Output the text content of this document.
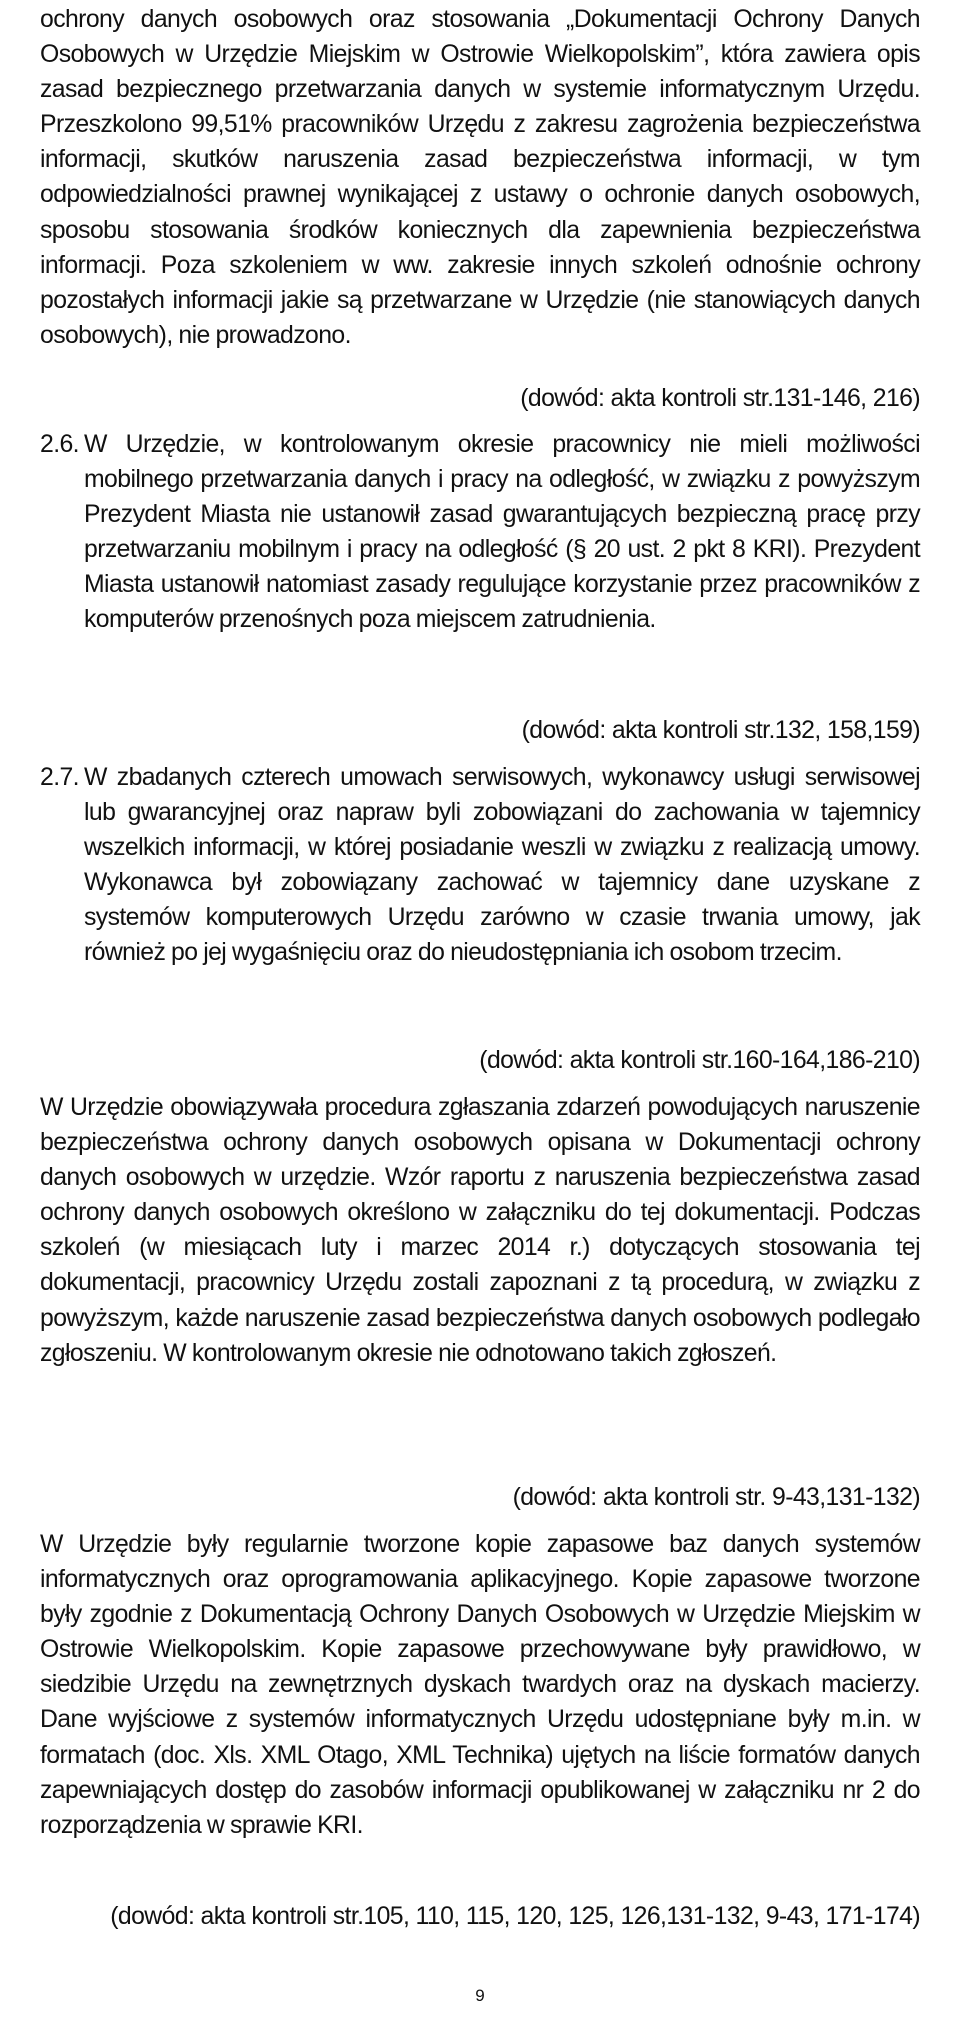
ochrony danych osobowych oraz stosowania „Dokumentacji Ochrony Danych Osobowych w Urzędzie Miejskim w Ostrowie Wielkopolskim”, która zawiera opis zasad bezpiecznego przetwarzania danych w systemie informatycznym Urzędu. Przeszkolono 99,51% pracowników Urzędu z zakresu zagrożenia bezpieczeństwa informacji, skutków naruszenia zasad bezpieczeństwa informacji, w tym odpowiedzialności prawnej wynikającej z ustawy o ochronie danych osobowych, sposobu stosowania środków koniecznych dla zapewnienia bezpieczeństwa informacji. Poza szkoleniem w ww. zakresie innych szkoleń odnośnie ochrony pozostałych informacji jakie są przetwarzane w Urzędzie (nie stanowiących danych osobowych), nie prowadzono.
(dowód: akta kontroli str.131-146, 216)
2.6. W Urzędzie, w kontrolowanym okresie pracownicy nie mieli możliwości mobilnego przetwarzania danych i pracy na odległość, w związku z powyższym Prezydent Miasta nie ustanowił zasad gwarantujących bezpieczną pracę przy przetwarzaniu mobilnym i pracy na odległość (§ 20 ust. 2 pkt 8 KRI). Prezydent Miasta ustanowił natomiast zasady regulujące korzystanie przez pracowników z komputerów przenośnych poza miejscem zatrudnienia.
(dowód: akta kontroli str.132, 158,159)
2.7. W zbadanych czterech umowach serwisowych, wykonawcy usługi serwisowej lub gwarancyjnej oraz napraw byli zobowiązani do zachowania w tajemnicy wszelkich informacji, w której posiadanie weszli w związku z realizacją umowy. Wykonawca był zobowiązany zachować w tajemnicy dane uzyskane z systemów komputerowych Urzędu zarówno w czasie trwania umowy, jak również po jej wygaśnięciu oraz do nieudostępniania ich osobom trzecim.
(dowód: akta kontroli str.160-164,186-210)
W Urzędzie obowiązywała procedura zgłaszania zdarzeń powodujących naruszenie bezpieczeństwa ochrony danych osobowych opisana w Dokumentacji ochrony danych osobowych w urzędzie. Wzór raportu z naruszenia bezpieczeństwa zasad ochrony danych osobowych określono w załączniku do tej dokumentacji. Podczas szkoleń (w miesiącach luty i marzec 2014 r.) dotyczących stosowania tej dokumentacji, pracownicy Urzędu zostali zapoznani z tą procedurą, w związku z powyższym, każde naruszenie zasad bezpieczeństwa danych osobowych podlegało zgłoszeniu. W kontrolowanym okresie nie odnotowano takich zgłoszeń.
(dowód: akta kontroli str. 9-43,131-132)
W Urzędzie były regularnie tworzone kopie zapasowe baz danych systemów informatycznych oraz oprogramowania aplikacyjnego. Kopie zapasowe tworzone były zgodnie z Dokumentacją Ochrony Danych Osobowych w Urzędzie Miejskim w Ostrowie Wielkopolskim. Kopie zapasowe przechowywane były prawidłowo, w siedzibie Urzędu na zewnętrznych dyskach twardych oraz na dyskach macierzy. Dane wyjściowe z systemów informatycznych Urzędu udostępniane były m.in. w formatach (doc. Xls. XML Otago, XML Technika) ujętych na liście formatów danych zapewniających dostęp do zasobów informacji opublikowanej w załączniku nr 2 do rozporządzenia w sprawie KRI.
(dowód: akta kontroli str.105, 110, 115, 120, 125, 126,131-132, 9-43, 171-174)
9
